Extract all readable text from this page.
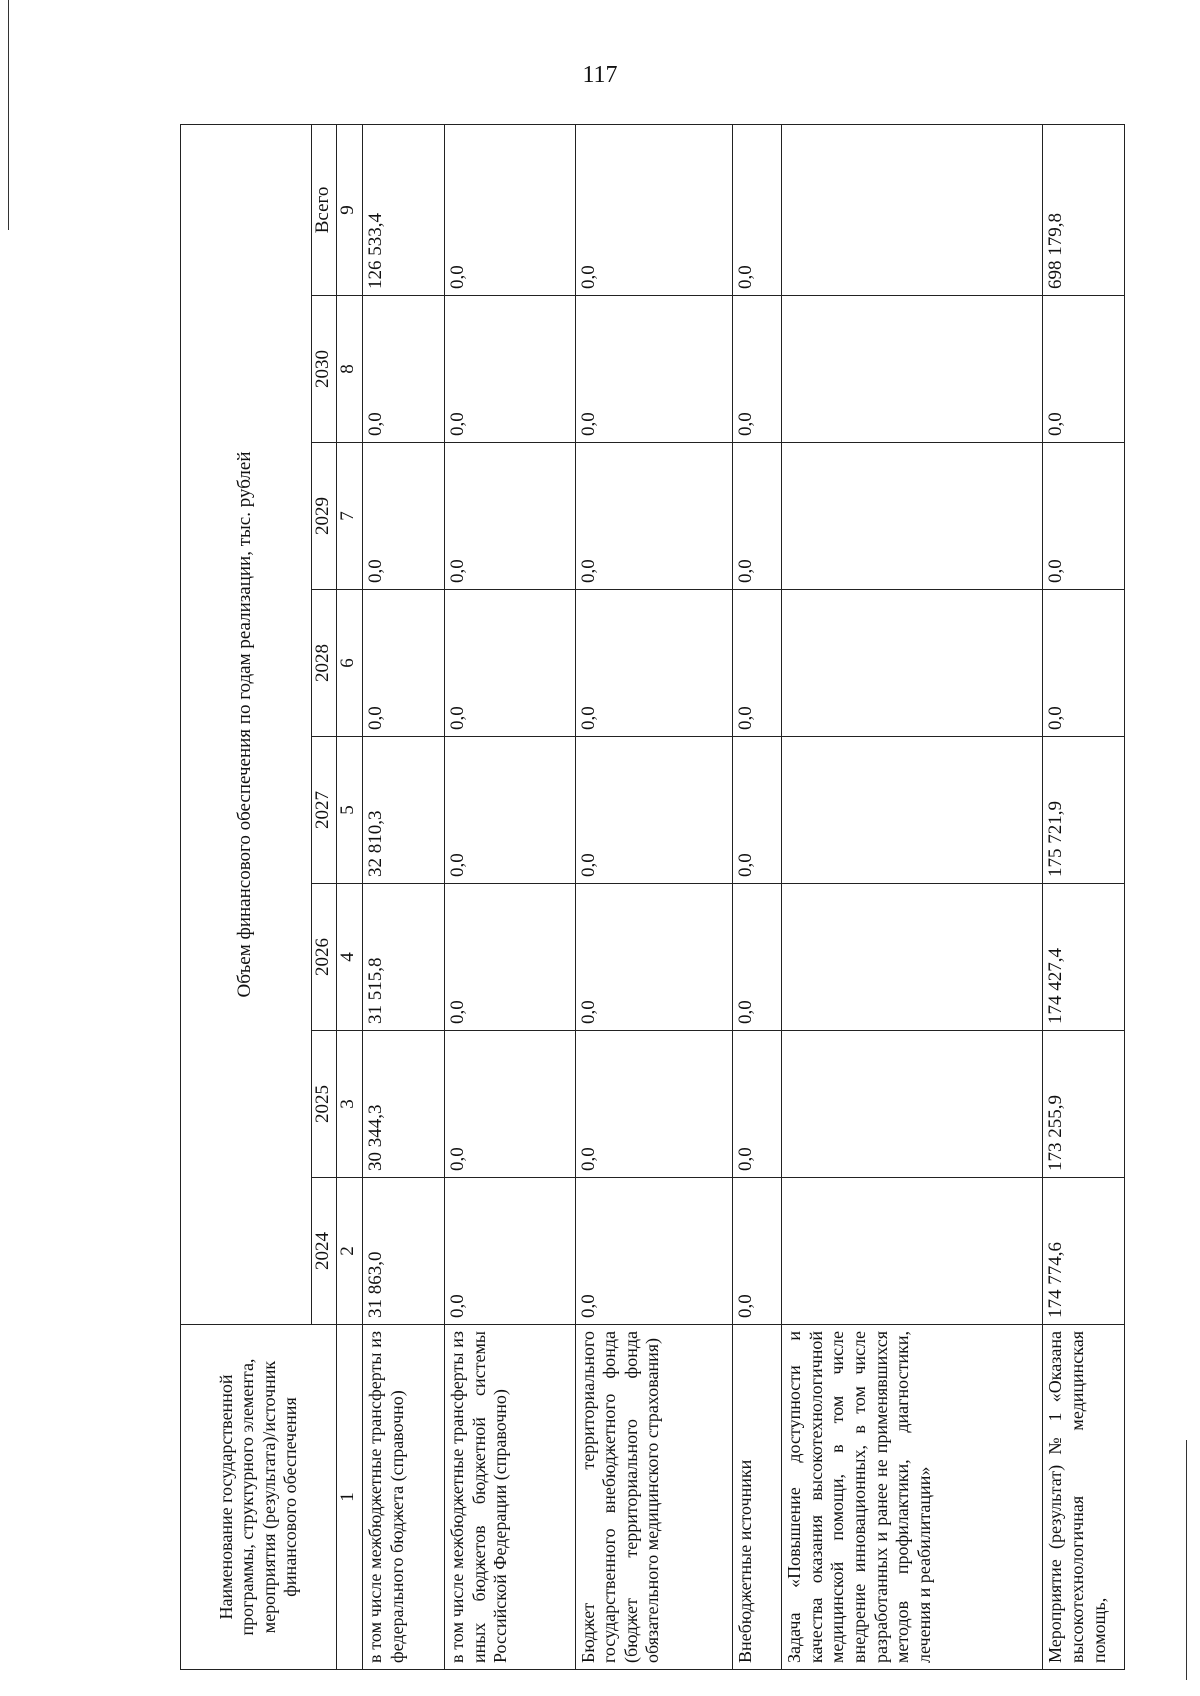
117
Наименование государственной программы, структурного элемента, мероприятия (результата)/источник финансового обеспечения	Объем финансового обеспечения по годам реализации, тыс. рублей							
	2024	2025	2026	2027	2028	2029	2030	Всего
1	2	3	4	5	6	7	8	9
в том числе межбюджетные трансферты из федерального бюджета (справочно)	31 863,0	30 344,3	31 515,8	32 810,3	0,0	0,0	0,0	126 533,4
в том числе межбюджетные трансферты из иных бюджетов бюджетной системы Российской Федерации (справочно)	0,0	0,0	0,0	0,0	0,0	0,0	0,0	0,0
Бюджет территориального государственного внебюджетного фонда (бюджет территориального фонда обязательного медицинского страхования)	0,0	0,0	0,0	0,0	0,0	0,0	0,0	0,0
Внебюджетные источники	0,0	0,0	0,0	0,0	0,0	0,0	0,0	0,0
Задача «Повышение доступности и качества оказания высокотехнологичной медицинской помощи, в том числе внедрение инновационных, в том числе разработанных и ранее не применявшихся методов профилактики, диагностики, лечения и реабилитации»								
Мероприятие (результат) № 1 «Оказана высокотехнологичная медицинская помощь,	174 774,6	173 255,9	174 427,4	175 721,9	0,0	0,0	0,0	698 179,8
